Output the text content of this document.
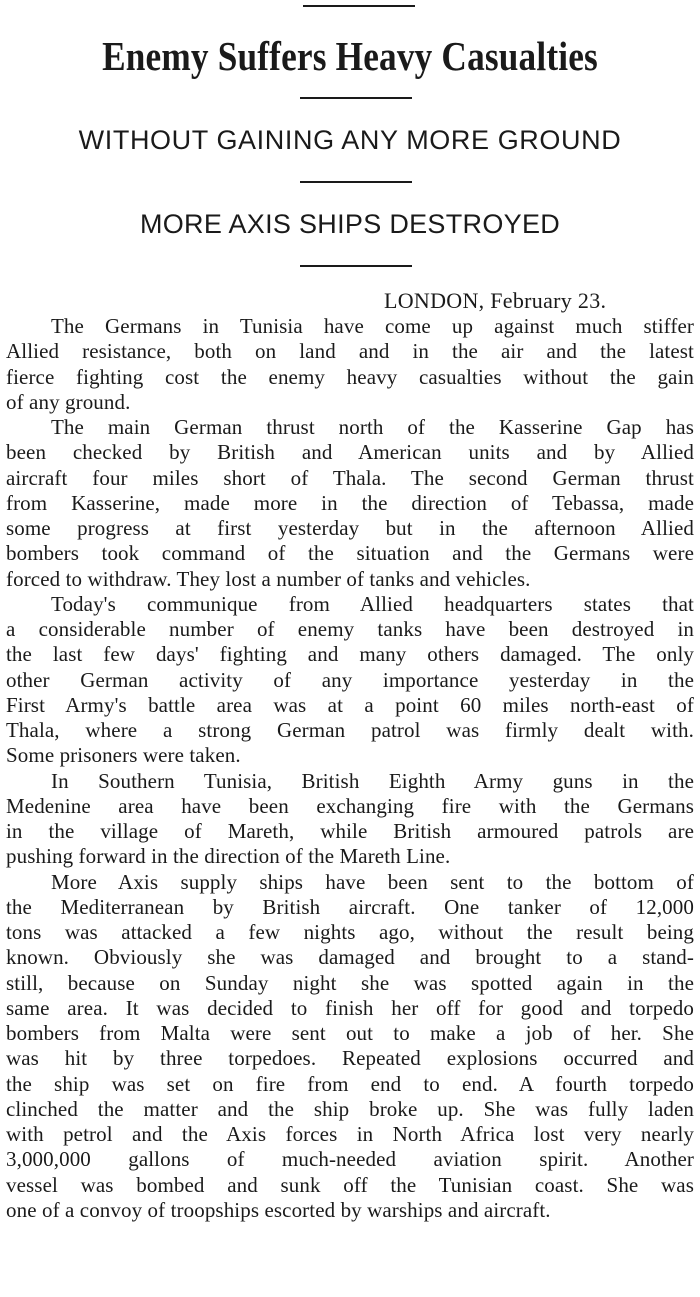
Enemy Suffers Heavy Casualties
WITHOUT GAINING ANY MORE GROUND
MORE AXIS SHIPS DESTROYED
LONDON, February 23.
The Germans in Tunisia have come up against much stiffer
Allied resistance, both on land and in the air and the latest
fierce fighting cost the enemy heavy casualties without the gain
of any ground.
The main German thrust north of the Kasserine Gap has
been checked by British and American units and by Allied
aircraft four miles short of Thala. The second German thrust
from Kasserine, made more in the direction of Tebassa, made
some progress at first yesterday but in the afternoon Allied
bombers took command of the situation and the Germans were
forced to withdraw. They lost a number of tanks and vehicles.
Today's communique from Allied headquarters states that
a considerable number of enemy tanks have been destroyed in
the last few days' fighting and many others damaged. The only
other German activity of any importance yesterday in the
First Army's battle area was at a point 60 miles north-east of
Thala, where a strong German patrol was firmly dealt with.
Some prisoners were taken.
In Southern Tunisia, British Eighth Army guns in the
Medenine area have been exchanging fire with the Germans
in the village of Mareth, while British armoured patrols are
pushing forward in the direction of the Mareth Line.
More Axis supply ships have been sent to the bottom of
the Mediterranean by British aircraft. One tanker of 12,000
tons was attacked a few nights ago, without the result being
known. Obviously she was damaged and brought to a stand-
still, because on Sunday night she was spotted again in the
same area. It was decided to finish her off for good and torpedo
bombers from Malta were sent out to make a job of her. She
was hit by three torpedoes. Repeated explosions occurred and
the ship was set on fire from end to end. A fourth torpedo
clinched the matter and the ship broke up. She was fully laden
with petrol and the Axis forces in North Africa lost very nearly
3,000,000 gallons of much-needed aviation spirit. Another
vessel was bombed and sunk off the Tunisian coast. She was
one of a convoy of troopships escorted by warships and aircraft.
